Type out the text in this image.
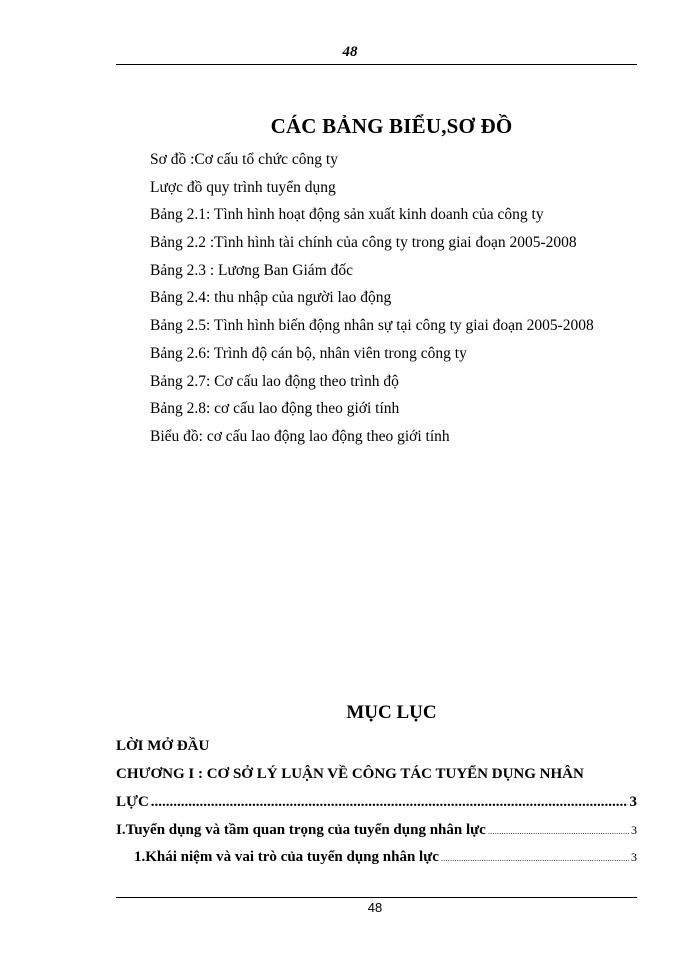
48
CÁC BẢNG BIỂU,SƠ ĐỒ
Sơ đồ :Cơ cấu tổ chức công ty
Lược đồ quy trình tuyển dụng
Bảng 2.1: Tình hình hoạt động sản xuất kinh doanh của công ty
Bảng 2.2 :Tình hình tài chính của công ty trong giai đoạn 2005-2008
Bảng 2.3 : Lương Ban Giám đốc
Bảng 2.4: thu nhập của người lao động
Bảng 2.5: Tình hình biến động nhân sự tại công ty giai đoạn 2005-2008
Bảng 2.6: Trình độ cán bộ, nhân viên trong công ty
Bảng 2.7: Cơ cấu lao động theo trình độ
Bảng 2.8: cơ cấu lao động theo giới tính
Biểu đồ: cơ cấu lao động lao động theo giới tính
MỤC LỤC
LỜI MỞ ĐẦU
CHƯƠNG I : CƠ SỞ LÝ LUẬN VỀ CÔNG TÁC TUYỂN DỤNG NHÂN
LỰC .....	3
I.Tuyển dụng và tầm quan trọng của tuyển dụng nhân lực .....	3
1.Khái niệm và vai trò của tuyển dụng nhân lực .....	3
48
